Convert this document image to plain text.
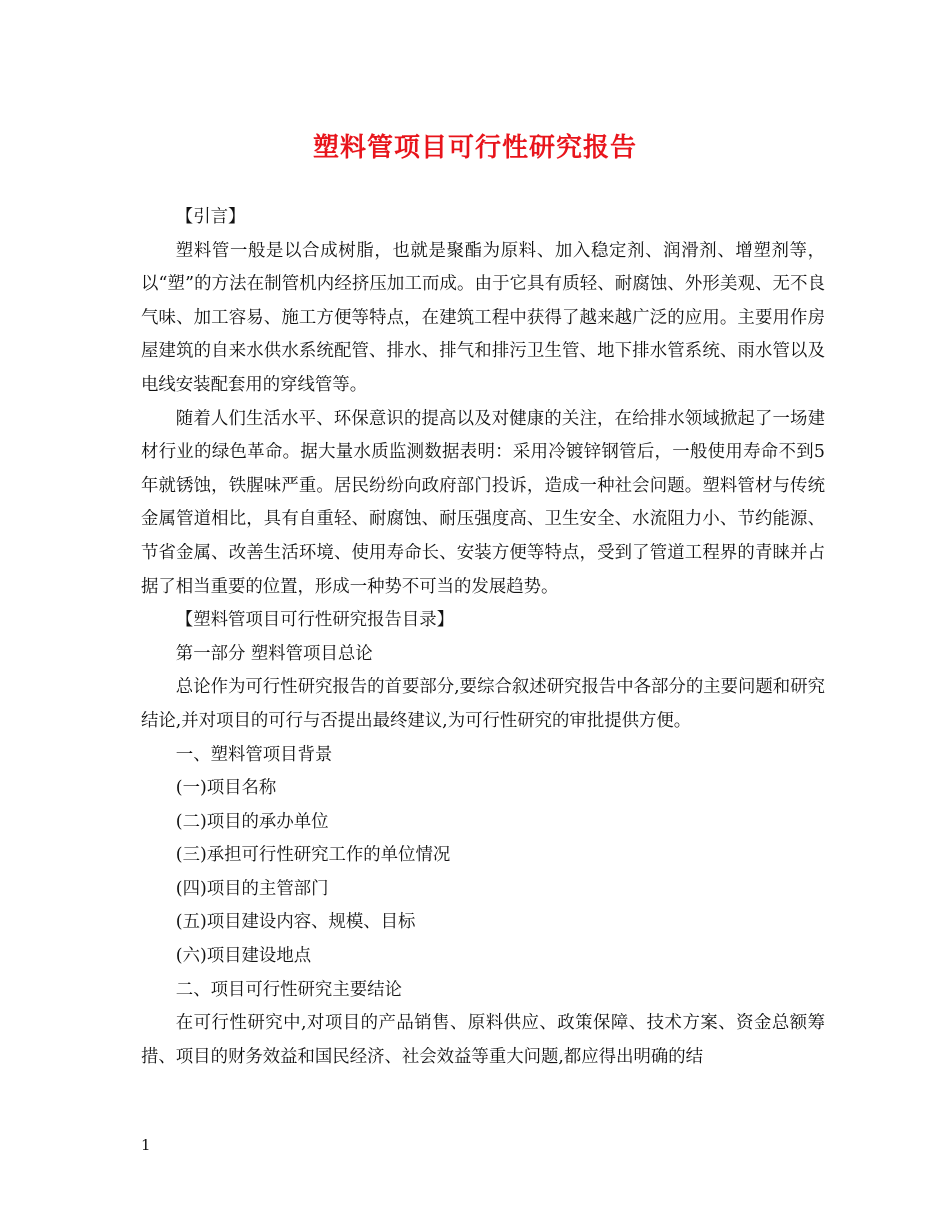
塑料管项目可行性研究报告

【引言】

塑料管一般是以合成树脂，也就是聚酯为原料、加入稳定剂、润滑剂、增塑剂等，以“塑”的方法在制管机内经挤压加工而成。由于它具有质轻、耐腐蚀、外形美观、无不良气味、加工容易、施工方便等特点，在建筑工程中获得了越来越广泛的应用。主要用作房屋建筑的自来水供水系统配管、排水、排气和排污卫生管、地下排水管系统、雨水管以及电线安装配套用的穿线管等。

随着人们生活水平、环保意识的提高以及对健康的关注，在给排水领域掀起了一场建材行业的绿色革命。据大量水质监测数据表明：采用冷镀锌钢管后，一般使用寿命不到5年就锈蚀，铁腥味严重。居民纷纷向政府部门投诉，造成一种社会问题。塑料管材与传统金属管道相比，具有自重轻、耐腐蚀、耐压强度高、卫生安全、水流阻力小、节约能源、节省金属、改善生活环境、使用寿命长、安装方便等特点，受到了管道工程界的青睐并占据了相当重要的位置，形成一种势不可当的发展趋势。

【塑料管项目可行性研究报告目录】

第一部分 塑料管项目总论

总论作为可行性研究报告的首要部分,要综合叙述研究报告中各部分的主要问题和研究结论,并对项目的可行与否提出最终建议,为可行性研究的审批提供方便。

一、塑料管项目背景

(一)项目名称

(二)项目的承办单位

(三)承担可行性研究工作的单位情况

(四)项目的主管部门

(五)项目建设内容、规模、目标

(六)项目建设地点

二、项目可行性研究主要结论

在可行性研究中,对项目的产品销售、原料供应、政策保障、技术方案、资金总额筹措、项目的财务效益和国民经济、社会效益等重大问题,都应得出明确的结

1
